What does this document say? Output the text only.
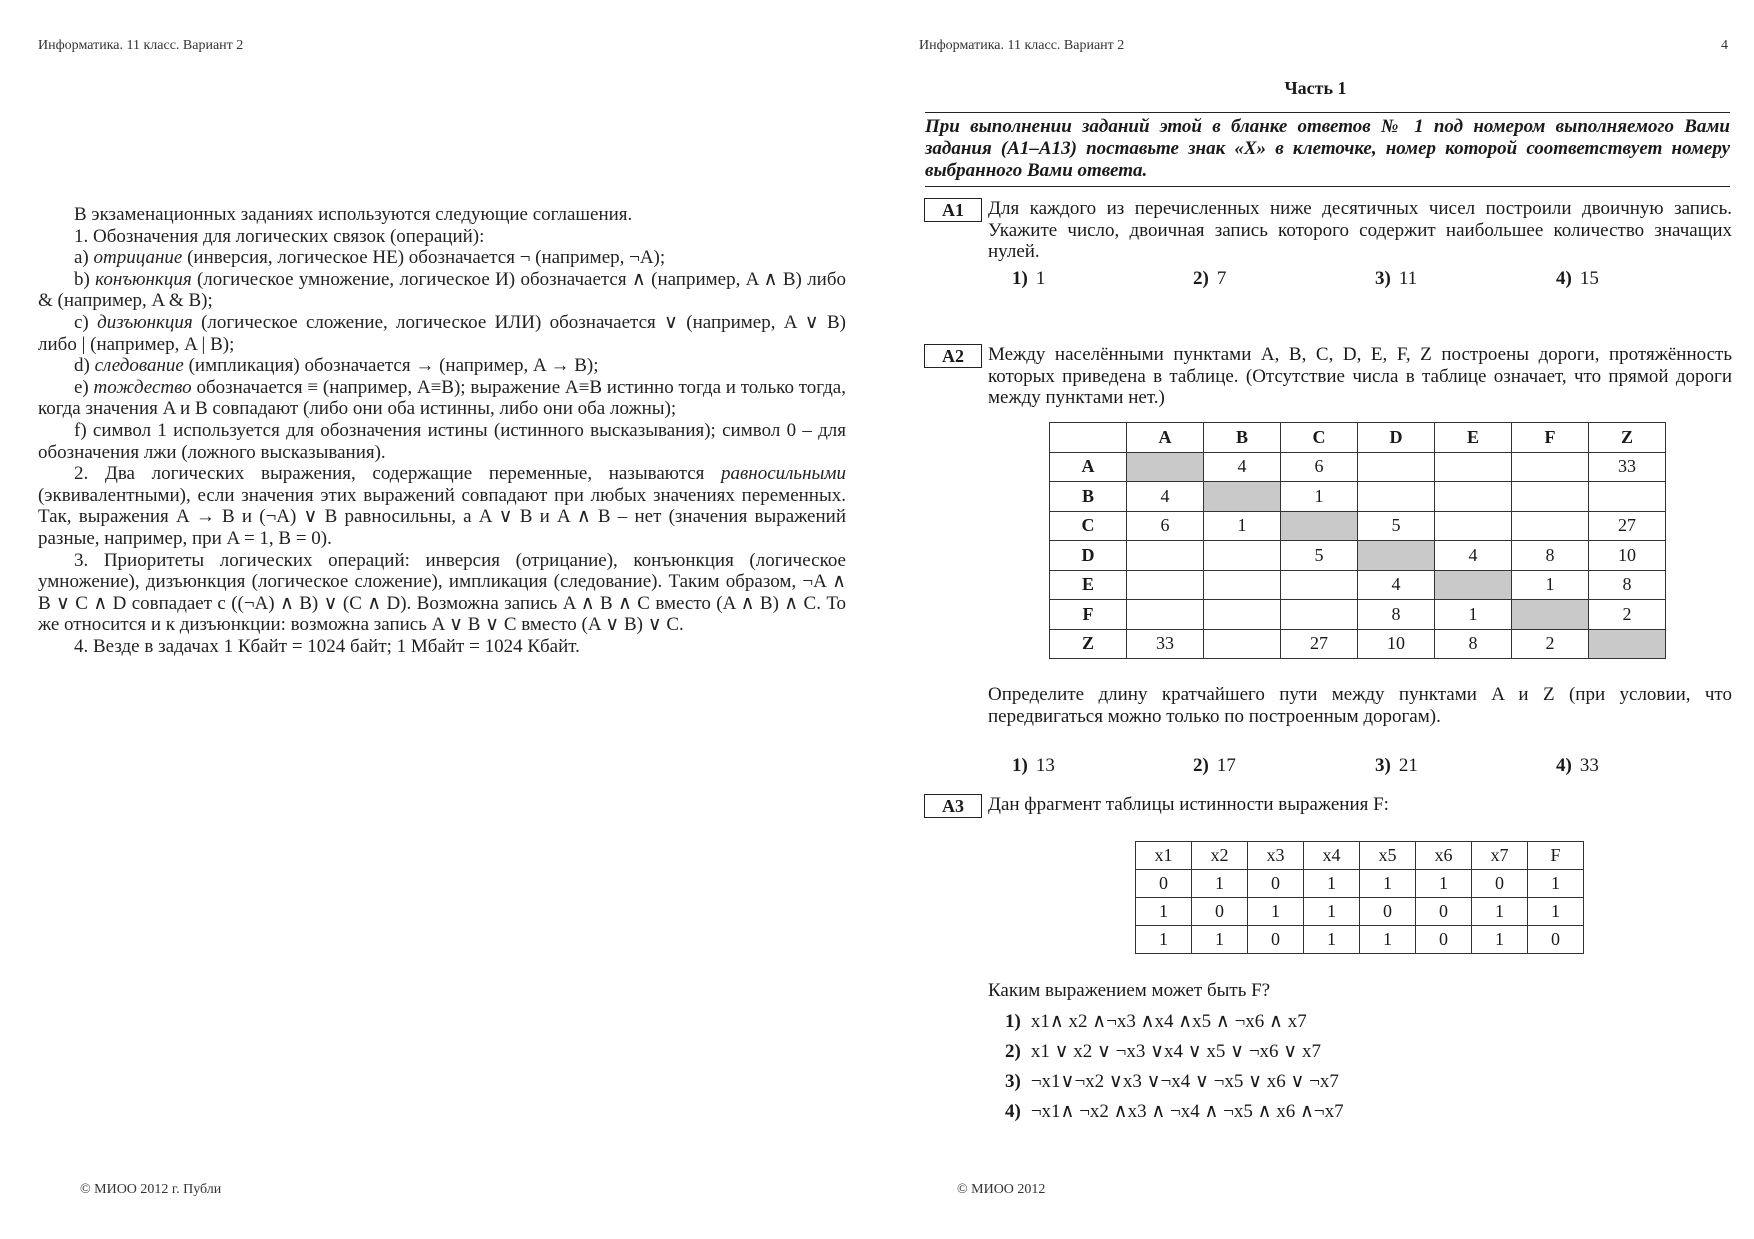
Информатика. 11 класс. Вариант 2

В экзаменационных заданиях используются следующие соглашения.

1. Обозначения для логических связок (операций):

a) отрицание (инверсия, логическое НЕ) обозначается ¬ (например, ¬A);

b) конъюнкция (логическое умножение, логическое И) обозначается ∧ (например, A ∧ B) либо & (например, A & B);

c) дизъюнкция (логическое сложение, логическое ИЛИ) обозначается ∨ (например, A ∨ B) либо | (например, A | B);

d) следование (импликация) обозначается → (например, A → B);

e) тождество обозначается ≡ (например, A≡B); выражение A≡B истинно тогда и только тогда, когда значения A и B совпадают (либо они оба истинны, либо они оба ложны);

f) символ 1 используется для обозначения истины (истинного высказывания); символ 0 – для обозначения лжи (ложного высказывания).

2. Два логических выражения, содержащие переменные, называются равносильными (эквивалентными), если значения этих выражений совпадают при любых значениях переменных. Так, выражения A → B и (¬A) ∨ B равносильны, а A ∨ B и A ∧ B – нет (значения выражений разные, например, при A = 1, B = 0).

3. Приоритеты логических операций: инверсия (отрицание), конъюнкция (логическое умножение), дизъюнкция (логическое сложение), импликация (следование). Таким образом, ¬A ∧ B ∨ C ∧ D совпадает с ((¬A) ∧ B) ∨ (C ∧ D). Возможна запись A ∧ B ∧ C вместо (A ∧ B) ∧ C. То же относится и к дизъюнкции: возможна запись A ∨ B ∨ C вместо (A ∨ B) ∨ C.

4. Везде в задачах 1 Кбайт = 1024 байт; 1 Мбайт = 1024 Кбайт.

© МИОО 2012 г. Публи
Информатика. 11 класс. Вариант 2	4
Часть 1
При выполнении заданий этой в бланке ответов № 1 под номером выполняемого Вами задания (A1–A13) поставьте знак «X» в клеточке, номер которой соответствует номеру выбранного Вами ответа.
A1	Для каждого из перечисленных ниже десятичных чисел построили двоичную запись. Укажите число, двоичная запись которого содержит наибольшее количество значащих нулей.
1) 1	2) 7	3) 11	4) 15
A2	Между населёнными пунктами A, B, C, D, E, F, Z построены дороги, протяжённость которых приведена в таблице. (Отсутствие числа в таблице означает, что прямой дороги между пунктами нет.)
	A	B	C	D	E	F	Z
A		4	6				33
B	4		1				
C	6	1		5			27
D			5		4	8	10
E				4		1	8
F				8	1		2
Z	33		27	10	8	2	
Определите длину кратчайшего пути между пунктами A и Z (при условии, что передвигаться можно только по построенным дорогам).
1) 13	2) 17	3) 21	4) 33
A3	Дан фрагмент таблицы истинности выражения F:
x1	x2	x3	x4	x5	x6	x7	F
0	1	0	1	1	1	0	1
1	0	1	1	0	0	1	1
1	1	0	1	1	0	1	0
Каким выражением может быть F?
1) x1∧ x2 ∧¬x3 ∧x4 ∧x5 ∧ ¬x6 ∧ x7
2) x1 ∨ x2 ∨ ¬x3 ∨x4 ∨ x5 ∨ ¬x6 ∨ x7
3) ¬x1∨¬x2 ∨x3 ∨¬x4 ∨ ¬x5 ∨ x6 ∨ ¬x7
4) ¬x1∧ ¬x2 ∧x3 ∧ ¬x4 ∧ ¬x5 ∧ x6 ∧¬x7
© МИОО 2012
